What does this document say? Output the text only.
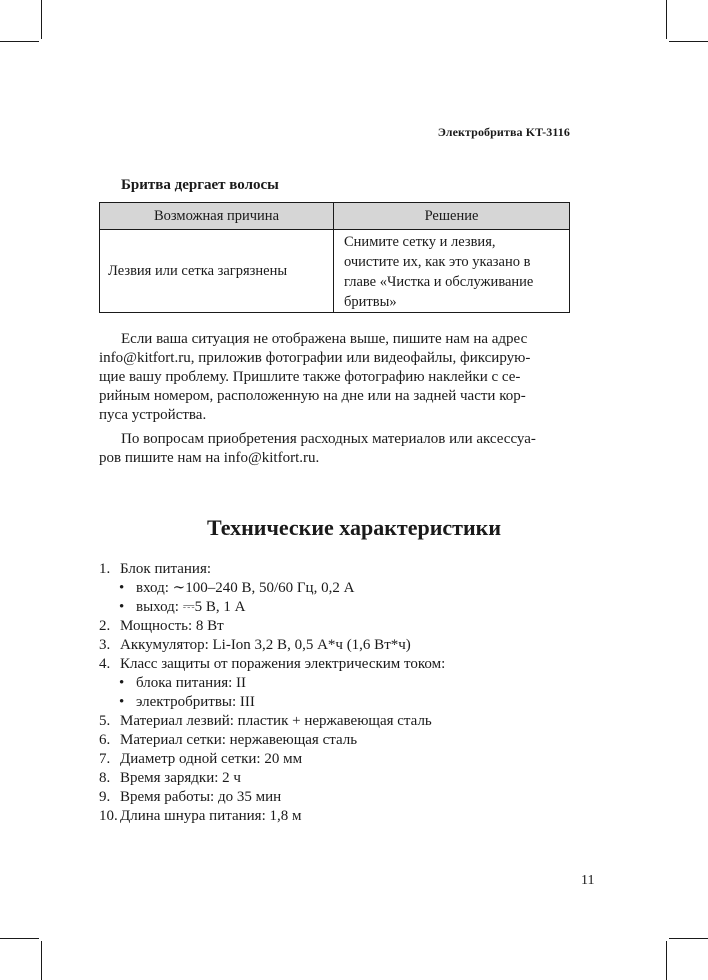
Электробритва KT-3116
Бритва дергает волосы
Возможная причина	Решение
Лезвия или сетка загрязнены	Снимите сетку и лезвия,
очистите их, как это указано в
главе «Чистка и обслуживание
бритвы»
Если ваша ситуация не отображена выше, пишите нам на адрес
info@kitfort.ru, приложив фотографии или видеофайлы, фиксирую-
щие вашу проблему. Пришлите также фотографию наклейки с се-
рийным номером, расположенную на дне или на задней части кор-
пуса устройства.
По вопросам приобретения расходных материалов или аксессуа-
ров пишите нам на info@kitfort.ru.
Технические характеристики
1. Блок питания:
• вход: ∼100–240 В, 50/60 Гц, 0,2 А
• выход: ⎓5 В, 1 А
2. Мощность: 8 Вт
3. Аккумулятор: Li-Ion 3,2 В, 0,5 А*ч (1,6 Вт*ч)
4. Класс защиты от поражения электрическим током:
• блока питания: II
• электробритвы: III
5. Материал лезвий: пластик + нержавеющая сталь
6. Материал сетки: нержавеющая сталь
7. Диаметр одной сетки: 20 мм
8. Время зарядки: 2 ч
9. Время работы: до 35 мин
10. Длина шнура питания: 1,8 м
11
